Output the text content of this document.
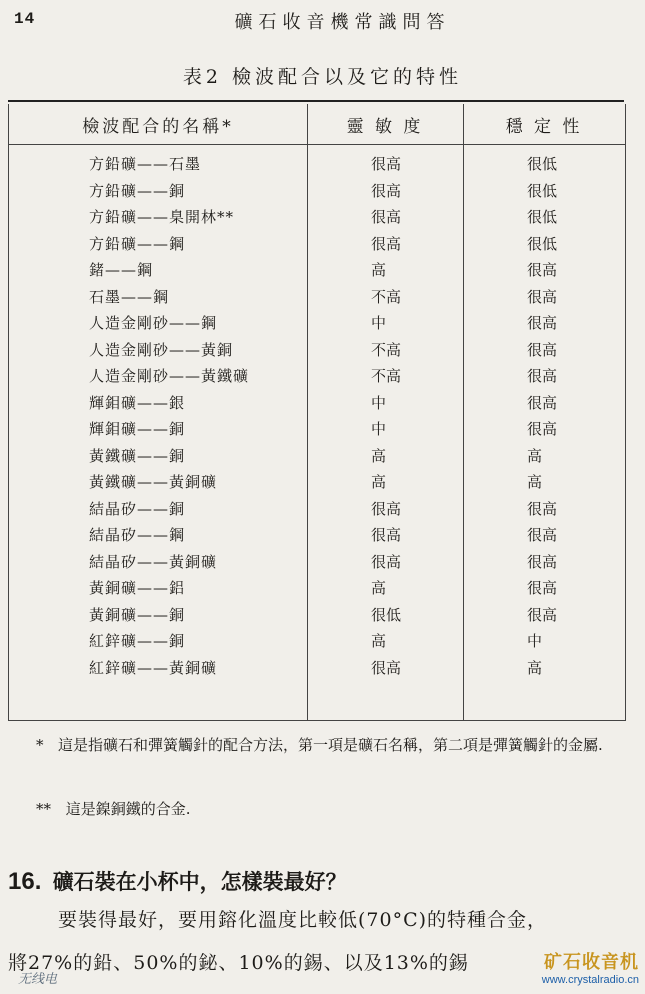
14	礦石收音機常識問答
表2 檢波配合以及它的特性
檢波配合的名稱*	靈 敏 度	穩 定 性
方鉛礦——石墨	很高	很低
方鉛礦——銅	很高	很低
方鉛礦——臬開林**	很高	很低
方鉛礦——鋼	很高	很低
鍺——鋼	高	很高
石墨——鋼	不高	很高
人造金剛砂——鋼	中	很高
人造金剛砂——黃銅	不高	很高
人造金剛砂——黃鐵礦	不高	很高
輝鉬礦——銀	中	很高
輝鉬礦——銅	中	很高
黃鐵礦——銅	高	高
黃鐵礦——黃銅礦	高	高
結晶矽——銅	很高	很高
結晶矽——鋼	很高	很高
結晶矽——黃銅礦	很高	很高
黃銅礦——鋁	高	很高
黃銅礦——銅	很低	很高
紅鋅礦——銅	高	中
紅鋅礦——黃銅礦	很高	高
* 這是指礦石和彈簧觸針的配合方法，第一項是礦石名稱，第二項是彈簧觸針的金屬.
** 這是鎳銅鐵的合金.
16. 礦石裝在小杯中，怎樣裝最好？
要裝得最好，要用鎔化溫度比較低(70°C)的特種合金，
將27%的鉛、50%的鉍、10%的錫、以及13%的錫
无线电
矿石收音机
www.crystalradio.cn
